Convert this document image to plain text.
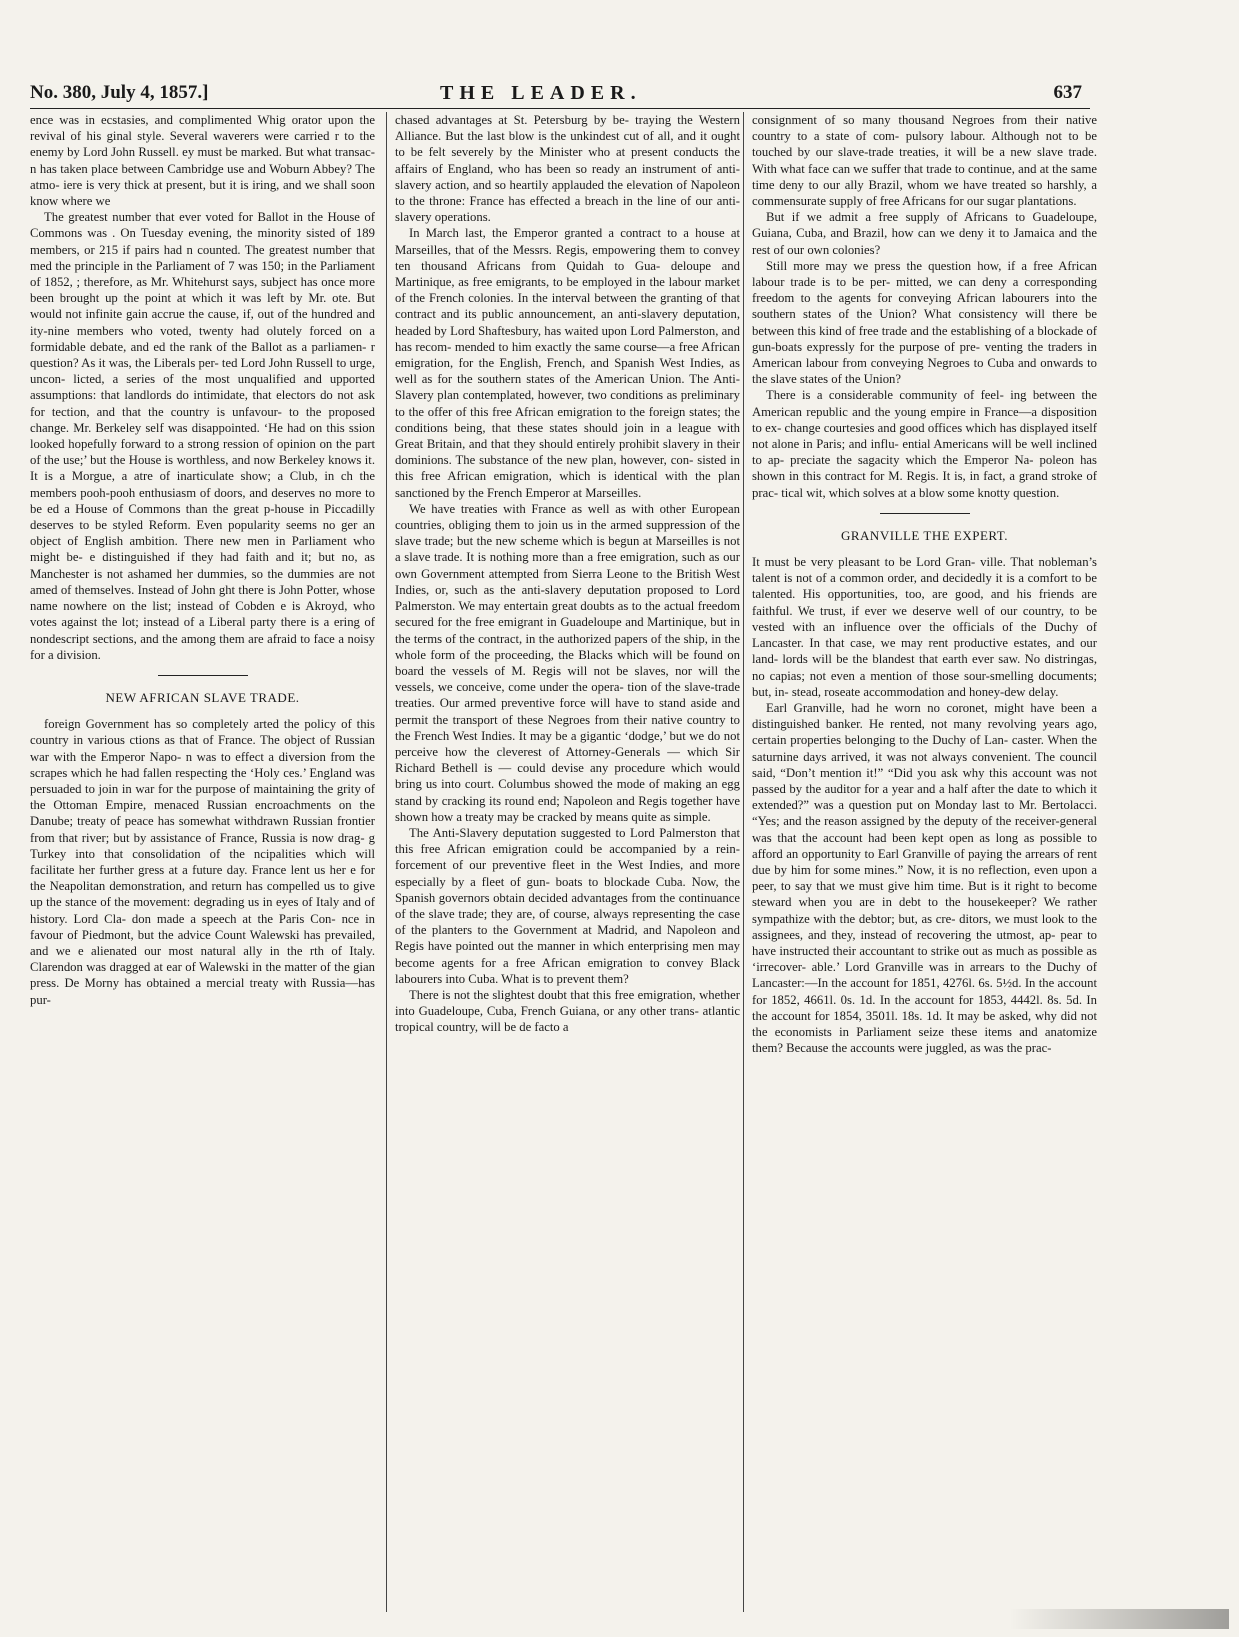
No. 380, July 4, 1857.]	THE LEADER.	637

ence was in ecstasies, and complimented Whig orator upon the revival of his ginal style. Several waverers were carried r to the enemy by Lord John Russell. ey must be marked. But what transac- n has taken place between Cambridge use and Woburn Abbey? The atmo- iere is very thick at present, but it is iring, and we shall soon know where we

The greatest number that ever voted for Ballot in the House of Commons was . On Tuesday evening, the minority sisted of 189 members, or 215 if pairs had n counted. The greatest number that med the principle in the Parliament of 7 was 150; in the Parliament of 1852, ; therefore, as Mr. Whitehurst says, subject has once more been brought up the point at which it was left by Mr. ote. But would not infinite gain accrue the cause, if, out of the hundred and ity-nine members who voted, twenty had olutely forced on a formidable debate, and ed the rank of the Ballot as a parliamen- r question? As it was, the Liberals per- ted Lord John Russell to urge, uncon- licted, a series of the most unqualified and upported assumptions: that landlords do intimidate, that electors do not ask for tection, and that the country is unfavour- to the proposed change. Mr. Berkeley self was disappointed. ‘He had on this ssion looked hopefully forward to a strong ression of opinion on the part of the use;’ but the House is worthless, and now Berkeley knows it. It is a Morgue, a atre of inarticulate show; a Club, in ch the members pooh-pooh enthusiasm of doors, and deserves no more to be ed a House of Commons than the great p-house in Piccadilly deserves to be styled Reform. Even popularity seems no ger an object of English ambition. There new men in Parliament who might be- e distinguished if they had faith and it; but no, as Manchester is not ashamed her dummies, so the dummies are not amed of themselves. Instead of John ght there is John Potter, whose name nowhere on the list; instead of Cobden e is Akroyd, who votes against the lot; instead of a Liberal party there is a ering of nondescript sections, and the among them are afraid to face a noisy for a division.

NEW AFRICAN SLAVE TRADE.

foreign Government has so completely arted the policy of this country in various ctions as that of France. The object of Russian war with the Emperor Napo- n was to effect a diversion from the scrapes which he had fallen respecting the ‘Holy ces.’ England was persuaded to join in war for the purpose of maintaining the grity of the Ottoman Empire, menaced Russian encroachments on the Danube; treaty of peace has somewhat withdrawn Russian frontier from that river; but by assistance of France, Russia is now drag- g Turkey into that consolidation of the ncipalities which will facilitate her further gress at a future day. France lent us her e for the Neapolitan demonstration, and return has compelled us to give up the stance of the movement: degrading us in eyes of Italy and of history. Lord Cla- don made a speech at the Paris Con- nce in favour of Piedmont, but the advice Count Walewski has prevailed, and we e alienated our most natural ally in the rth of Italy. Clarendon was dragged at ear of Walewski in the matter of the gian press. De Morny has obtained a mercial treaty with Russia—has pur-

chased advantages at St. Petersburg by be- traying the Western Alliance. But the last blow is the unkindest cut of all, and it ought to be felt severely by the Minister who at present conducts the affairs of England, who has been so ready an instrument of anti- slavery action, and so heartily applauded the elevation of Napoleon to the throne: France has effected a breach in the line of our anti- slavery operations.

In March last, the Emperor granted a contract to a house at Marseilles, that of the Messrs. Regis, empowering them to convey ten thousand Africans from Quidah to Gua- deloupe and Martinique, as free emigrants, to be employed in the labour market of the French colonies. In the interval between the granting of that contract and its public announcement, an anti-slavery deputation, headed by Lord Shaftesbury, has waited upon Lord Palmerston, and has recom- mended to him exactly the same course—a free African emigration, for the English, French, and Spanish West Indies, as well as for the southern states of the American Union. The Anti-Slavery plan contemplated, however, two conditions as preliminary to the offer of this free African emigration to the foreign states; the conditions being, that these states should join in a league with Great Britain, and that they should entirely prohibit slavery in their dominions. The substance of the new plan, however, con- sisted in this free African emigration, which is identical with the plan sanctioned by the French Emperor at Marseilles.

We have treaties with France as well as with other European countries, obliging them to join us in the armed suppression of the slave trade; but the new scheme which is begun at Marseilles is not a slave trade. It is nothing more than a free emigration, such as our own Government attempted from Sierra Leone to the British West Indies, or, such as the anti-slavery deputation proposed to Lord Palmerston. We may entertain great doubts as to the actual freedom secured for the free emigrant in Guadeloupe and Martinique, but in the terms of the contract, in the authorized papers of the ship, in the whole form of the proceeding, the Blacks which will be found on board the vessels of M. Regis will not be slaves, nor will the vessels, we conceive, come under the opera- tion of the slave-trade treaties. Our armed preventive force will have to stand aside and permit the transport of these Negroes from their native country to the French West Indies. It may be a gigantic ‘dodge,’ but we do not perceive how the cleverest of Attorney-Generals — which Sir Richard Bethell is — could devise any procedure which would bring us into court. Columbus showed the mode of making an egg stand by cracking its round end; Napoleon and Regis together have shown how a treaty may be cracked by means quite as simple.

The Anti-Slavery deputation suggested to Lord Palmerston that this free African emigration could be accompanied by a rein- forcement of our preventive fleet in the West Indies, and more especially by a fleet of gun- boats to blockade Cuba. Now, the Spanish governors obtain decided advantages from the continuance of the slave trade; they are, of course, always representing the case of the planters to the Government at Madrid, and Napoleon and Regis have pointed out the manner in which enterprising men may become agents for a free African emigration to convey Black labourers into Cuba. What is to prevent them?

There is not the slightest doubt that this free emigration, whether into Guadeloupe, Cuba, French Guiana, or any other trans- atlantic tropical country, will be de facto a

consignment of so many thousand Negroes from their native country to a state of com- pulsory labour. Although not to be touched by our slave-trade treaties, it will be a new slave trade. With what face can we suffer that trade to continue, and at the same time deny to our ally Brazil, whom we have treated so harshly, a commensurate supply of free Africans for our sugar plantations.

But if we admit a free supply of Africans to Guadeloupe, Guiana, Cuba, and Brazil, how can we deny it to Jamaica and the rest of our own colonies?

Still more may we press the question how, if a free African labour trade is to be per- mitted, we can deny a corresponding freedom to the agents for conveying African labourers into the southern states of the Union? What consistency will there be between this kind of free trade and the establishing of a blockade of gun-boats expressly for the purpose of pre- venting the traders in American labour from conveying Negroes to Cuba and onwards to the slave states of the Union?

There is a considerable community of feel- ing between the American republic and the young empire in France—a disposition to ex- change courtesies and good offices which has displayed itself not alone in Paris; and influ- ential Americans will be well inclined to ap- preciate the sagacity which the Emperor Na- poleon has shown in this contract for M. Regis. It is, in fact, a grand stroke of prac- tical wit, which solves at a blow some knotty question.

GRANVILLE THE EXPERT.

It must be very pleasant to be Lord Gran- ville. That nobleman’s talent is not of a common order, and decidedly it is a comfort to be talented. His opportunities, too, are good, and his friends are faithful. We trust, if ever we deserve well of our country, to be vested with an influence over the officials of the Duchy of Lancaster. In that case, we may rent productive estates, and our land- lords will be the blandest that earth ever saw. No distringas, no capias; not even a mention of those sour-smelling documents; but, in- stead, roseate accommodation and honey-dew delay.

Earl Granville, had he worn no coronet, might have been a distinguished banker. He rented, not many revolving years ago, certain properties belonging to the Duchy of Lan- caster. When the saturnine days arrived, it was not always convenient. The council said, “Don’t mention it!” “Did you ask why this account was not passed by the auditor for a year and a half after the date to which it extended?” was a question put on Monday last to Mr. Bertolacci. “Yes; and the reason assigned by the deputy of the receiver-general was that the account had been kept open as long as possible to afford an opportunity to Earl Granville of paying the arrears of rent due by him for some mines.” Now, it is no reflection, even upon a peer, to say that we must give him time. But is it right to become steward when you are in debt to the housekeeper? We rather sympathize with the debtor; but, as cre- ditors, we must look to the assignees, and they, instead of recovering the utmost, ap- pear to have instructed their accountant to strike out as much as possible as ‘irrecover- able.’ Lord Granville was in arrears to the Duchy of Lancaster:—In the account for 1851, 4276l. 6s. 5½d. In the account for 1852, 4661l. 0s. 1d. In the account for 1853, 4442l. 8s. 5d. In the account for 1854, 3501l. 18s. 1d. It may be asked, why did not the economists in Parliament seize these items and anatomize them? Because the accounts were juggled, as was the prac-
